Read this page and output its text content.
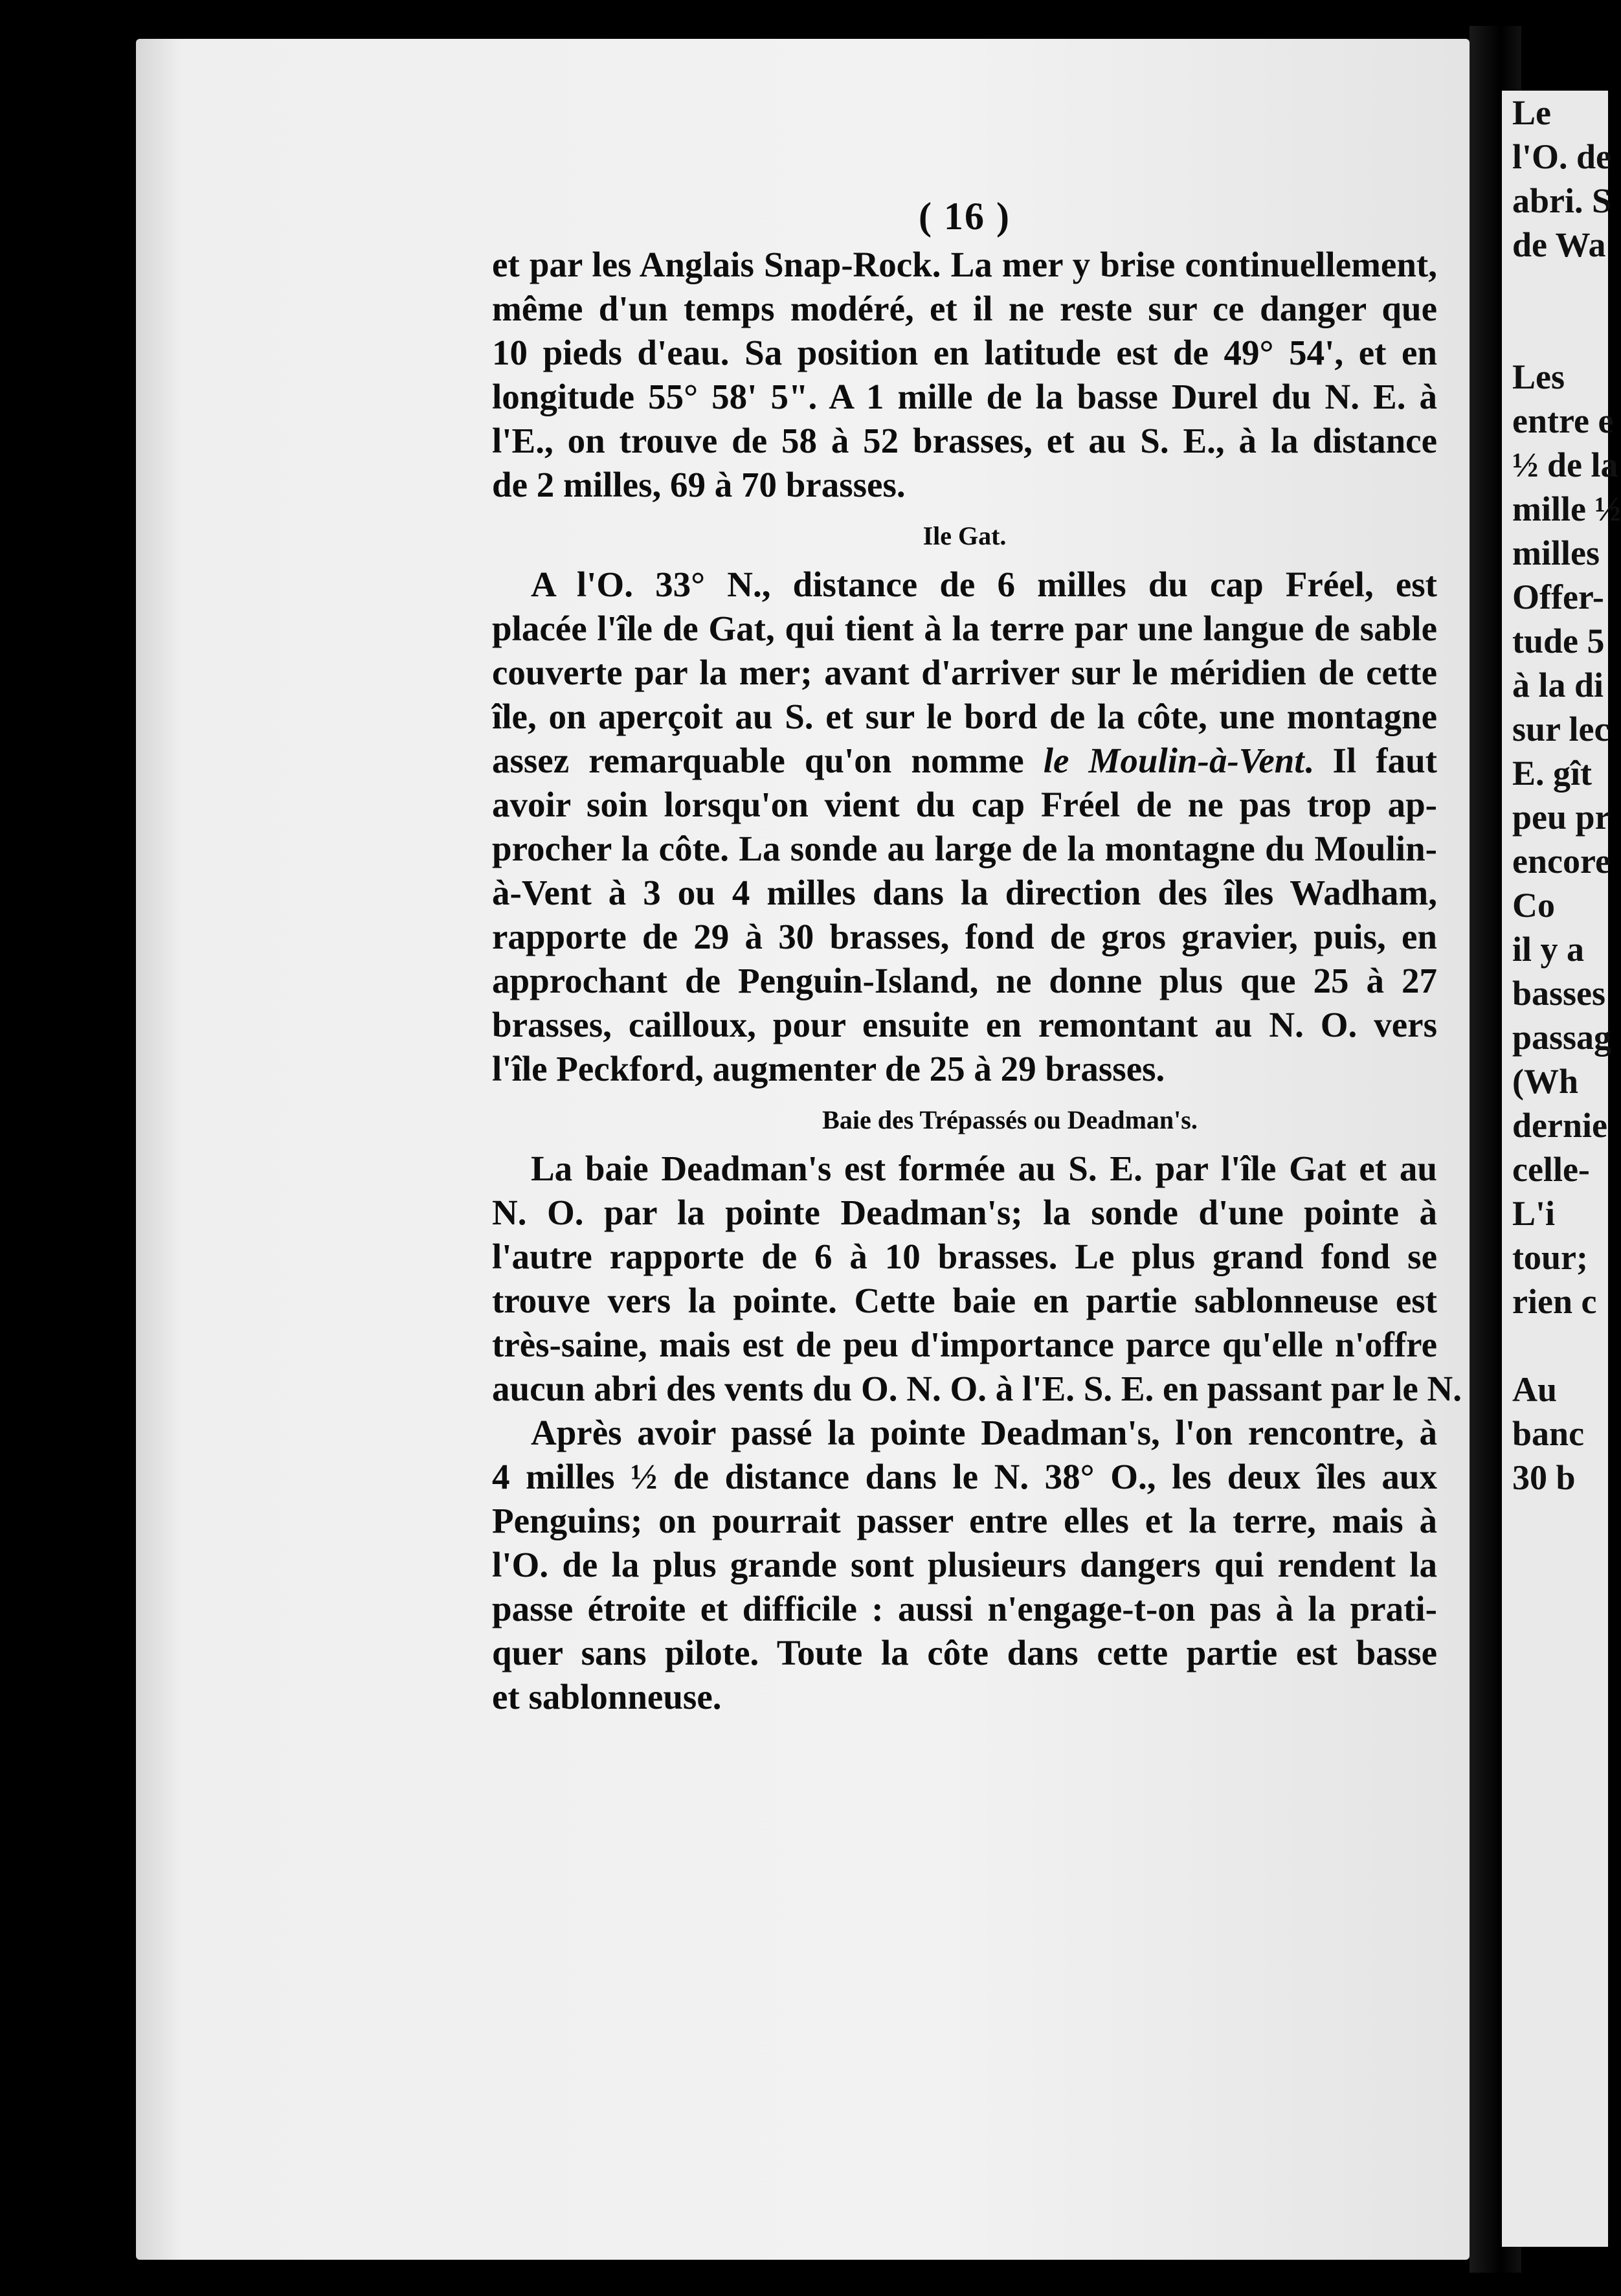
Le
l'O. de
abri. S
de Wa
Les
entre e
½ de la
mille ½
milles
Offer-
tude 5
à la di
sur lec
E. gît
peu pr
encore
Co
il y a
basses
passag
(Wh
dernie
celle-
L'i
tour;
rien c
Au
banc
30 b
( 16 )
et par les Anglais Snap-Rock. La mer y brise continuellement,
même d'un temps modéré, et il ne reste sur ce danger que
10 pieds d'eau. Sa position en latitude est de 49° 54', et en
longitude 55° 58' 5". A 1 mille de la basse Durel du N. E. à
l'E., on trouve de 58 à 52 brasses, et au S. E., à la distance
de 2 milles, 69 à 70 brasses.
Ile Gat.
A l'O. 33° N., distance de 6 milles du cap Fréel, est
placée l'île de Gat, qui tient à la terre par une langue de sable
couverte par la mer; avant d'arriver sur le méridien de cette
île, on aperçoit au S. et sur le bord de la côte, une montagne
assez remarquable qu'on nomme le Moulin-à-Vent. Il faut
avoir soin lorsqu'on vient du cap Fréel de ne pas trop ap-
procher la côte. La sonde au large de la montagne du Moulin-
à-Vent à 3 ou 4 milles dans la direction des îles Wadham,
rapporte de 29 à 30 brasses, fond de gros gravier, puis, en
approchant de Penguin-Island, ne donne plus que 25 à 27
brasses, cailloux, pour ensuite en remontant au N. O. vers
l'île Peckford, augmenter de 25 à 29 brasses.
Baie des Trépassés ou Deadman's.
La baie Deadman's est formée au S. E. par l'île Gat et au
N. O. par la pointe Deadman's; la sonde d'une pointe à
l'autre rapporte de 6 à 10 brasses. Le plus grand fond se
trouve vers la pointe. Cette baie en partie sablonneuse est
très-saine, mais est de peu d'importance parce qu'elle n'offre
aucun abri des vents du O. N. O. à l'E. S. E. en passant par le N.
Après avoir passé la pointe Deadman's, l'on rencontre, à
4 milles ½ de distance dans le N. 38° O., les deux îles aux
Penguins; on pourrait passer entre elles et la terre, mais à
l'O. de la plus grande sont plusieurs dangers qui rendent la
passe étroite et difficile : aussi n'engage-t-on pas à la prati-
quer sans pilote. Toute la côte dans cette partie est basse
et sablonneuse.
